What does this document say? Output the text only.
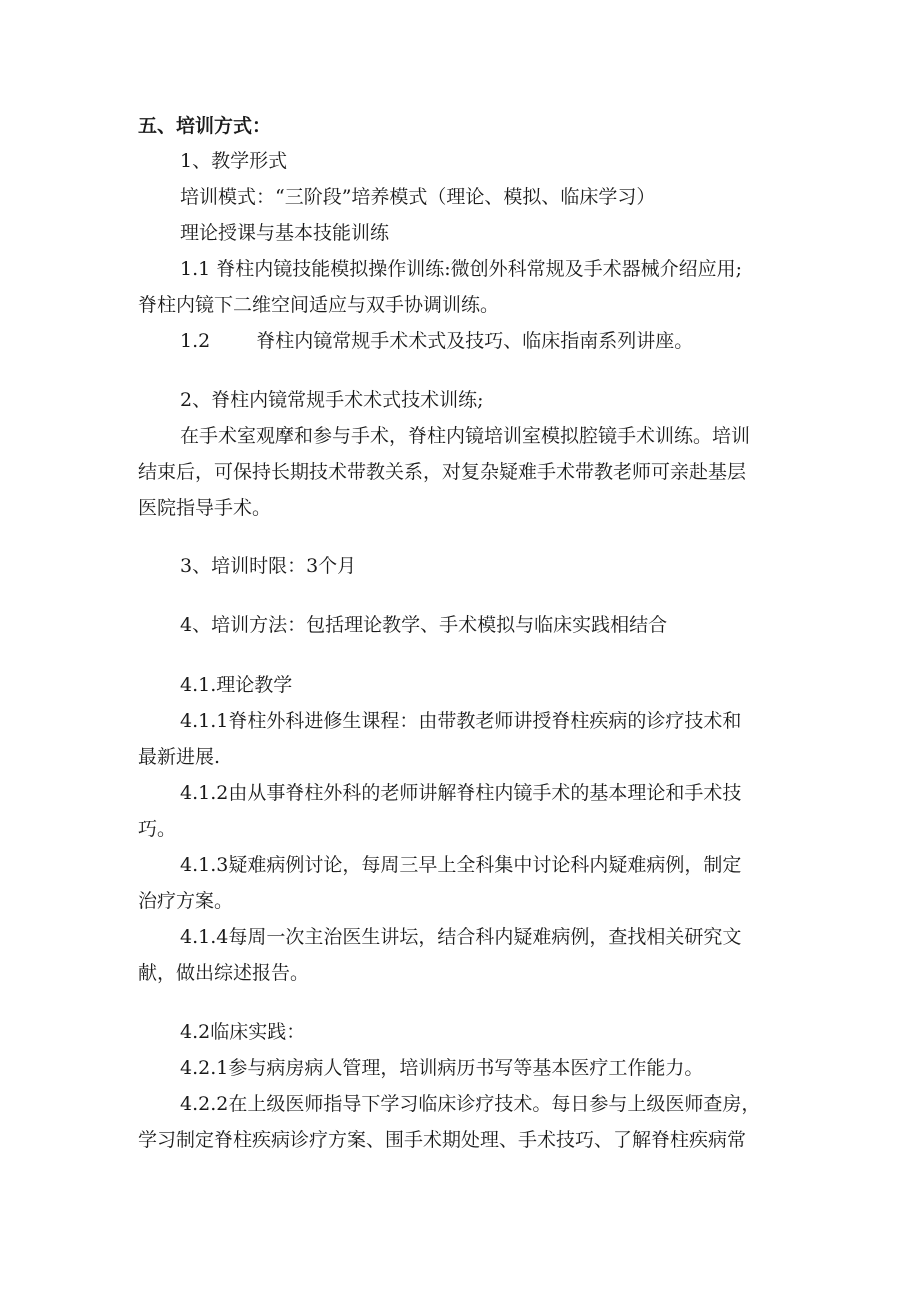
五、培训方式：
1、教学形式
培训模式：“三阶段”培养模式（理论、模拟、临床学习）
理论授课与基本技能训练
1.1 脊柱内镜技能模拟操作训练:微创外科常规及手术器械介绍应用;
脊柱内镜下二维空间适应与双手协调训练。
1.2 脊柱内镜常规手术术式及技巧、临床指南系列讲座。
2、脊柱内镜常规手术术式技术训练;
在手术室观摩和参与手术，脊柱内镜培训室模拟腔镜手术训练。培训
结束后，可保持长期技术带教关系，对复杂疑难手术带教老师可亲赴基层
医院指导手术。
3、培训时限：3个月
4、培训方法：包括理论教学、手术模拟与临床实践相结合
4.1.理论教学
4.1.1脊柱外科进修生课程：由带教老师讲授脊柱疾病的诊疗技术和
最新进展.
4.1.2由从事脊柱外科的老师讲解脊柱内镜手术的基本理论和手术技
巧。
4.1.3疑难病例讨论，每周三早上全科集中讨论科内疑难病例，制定
治疗方案。
4.1.4每周一次主治医生讲坛，结合科内疑难病例，查找相关研究文
献，做出综述报告。
4.2临床实践：
4.2.1参与病房病人管理，培训病历书写等基本医疗工作能力。
4.2.2在上级医师指导下学习临床诊疗技术。每日参与上级医师查房，
学习制定脊柱疾病诊疗方案、围手术期处理、手术技巧、了解脊柱疾病常
